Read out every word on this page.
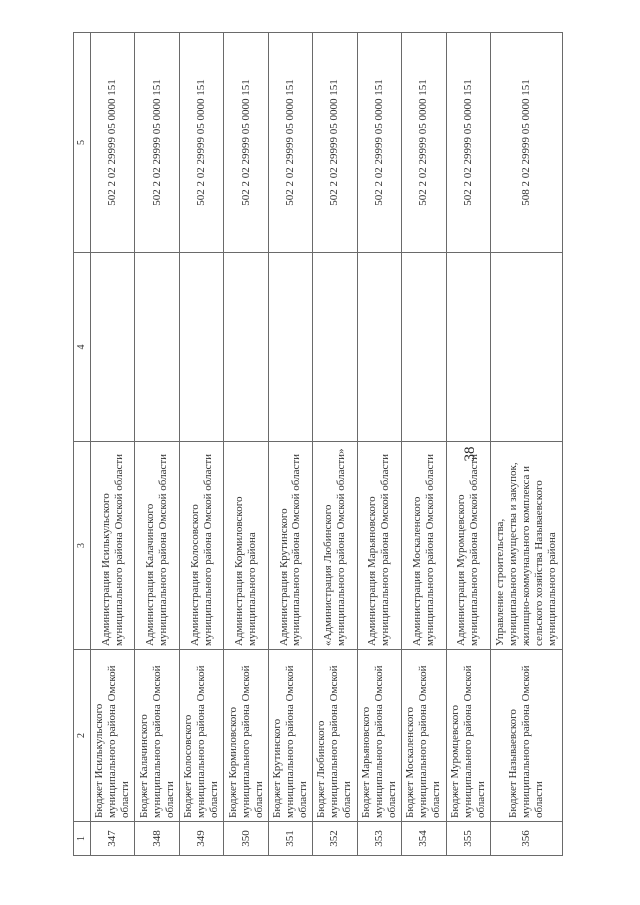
38
1	2	3	4	5
347	Бюджет Исилькульского муниципального района Омской области	Администрация Исилькульского муниципального района Омской области		502 2 02 29999 05 0000 151
348	Бюджет Калачинского муниципального района Омской области	Администрация Калачинского муниципального района Омской области		502 2 02 29999 05 0000 151
349	Бюджет Колосовского муниципального района Омской области	Администрация Колосовского муниципального района Омской области		502 2 02 29999 05 0000 151
350	Бюджет Кормиловского муниципального района Омской области	Администрация Кормиловского муниципального района		502 2 02 29999 05 0000 151
351	Бюджет Крутинского муниципального района Омской области	Администрация Крутинского муниципального района Омской области		502 2 02 29999 05 0000 151
352	Бюджет Любинского муниципального района Омской области	«Администрация Любинского муниципального района Омской области»		502 2 02 29999 05 0000 151
353	Бюджет Марьяновского муниципального района Омской области	Администрация Марьяновского муниципального района Омской области		502 2 02 29999 05 0000 151
354	Бюджет Москаленского муниципального района Омской области	Администрация Москаленского муниципального района Омской области		502 2 02 29999 05 0000 151
355	Бюджет Муромцевского муниципального района Омской области	Администрация Муромцевского муниципального района Омской области		502 2 02 29999 05 0000 151
356	Бюджет Называевского муниципального района Омской области	Управление строительства, муниципального имущества и закупок, жилищно-коммунального комплекса и сельского хозяйства Называевского муниципального района		508 2 02 29999 05 0000 151
